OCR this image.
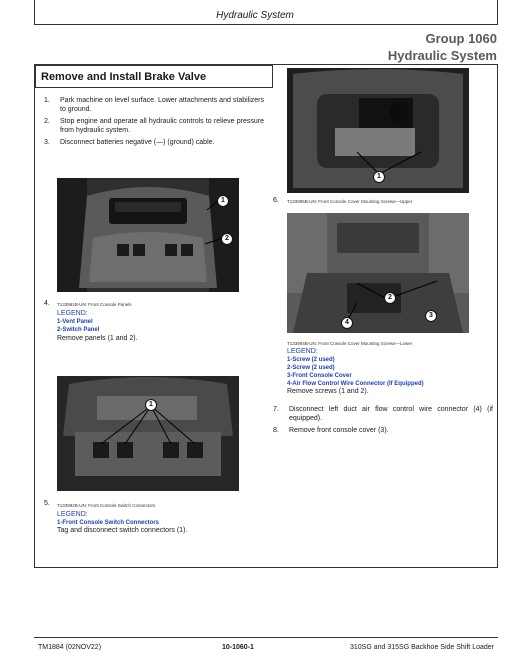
Hydraulic System
Group 1060
Hydraulic System
Remove and Install Brake Valve
1. Park machine on level surface. Lower attachments and stabilizers to ground.
2. Stop engine and operate all hydraulic controls to relieve pressure from hydraulic system.
3. Disconnect batteries negative (—) (ground) cable.
1
2
4. T133991B-UN: Front Console Panels
LEGEND:
1-Vent Panel
2-Switch Panel
Remove panels (1 and 2).
1
5. T133992B-UN: Front Console Switch Connectors
LEGEND:
1-Front Console Switch Connectors
Tag and disconnect switch connectors (1).
1
6. T133995B-UN: Front Console Cover Mounting Screws—Upper
2
3
4
T133994B-UN: Front Console Cover Mounting Screws—Lower
LEGEND:
1-Screw (2 used)
2-Screw (2 used)
3-Front Console Cover
4-Air Flow Control Wire Connector (If Equipped)
Remove screws (1 and 2).
7. Disconnect left duct air flow control wire connector (4) (if equipped).
8. Remove front console cover (3).
TM1884 (02NOV22)	10-1060-1	310SG and 315SG Backhoe Side Shift Loader
